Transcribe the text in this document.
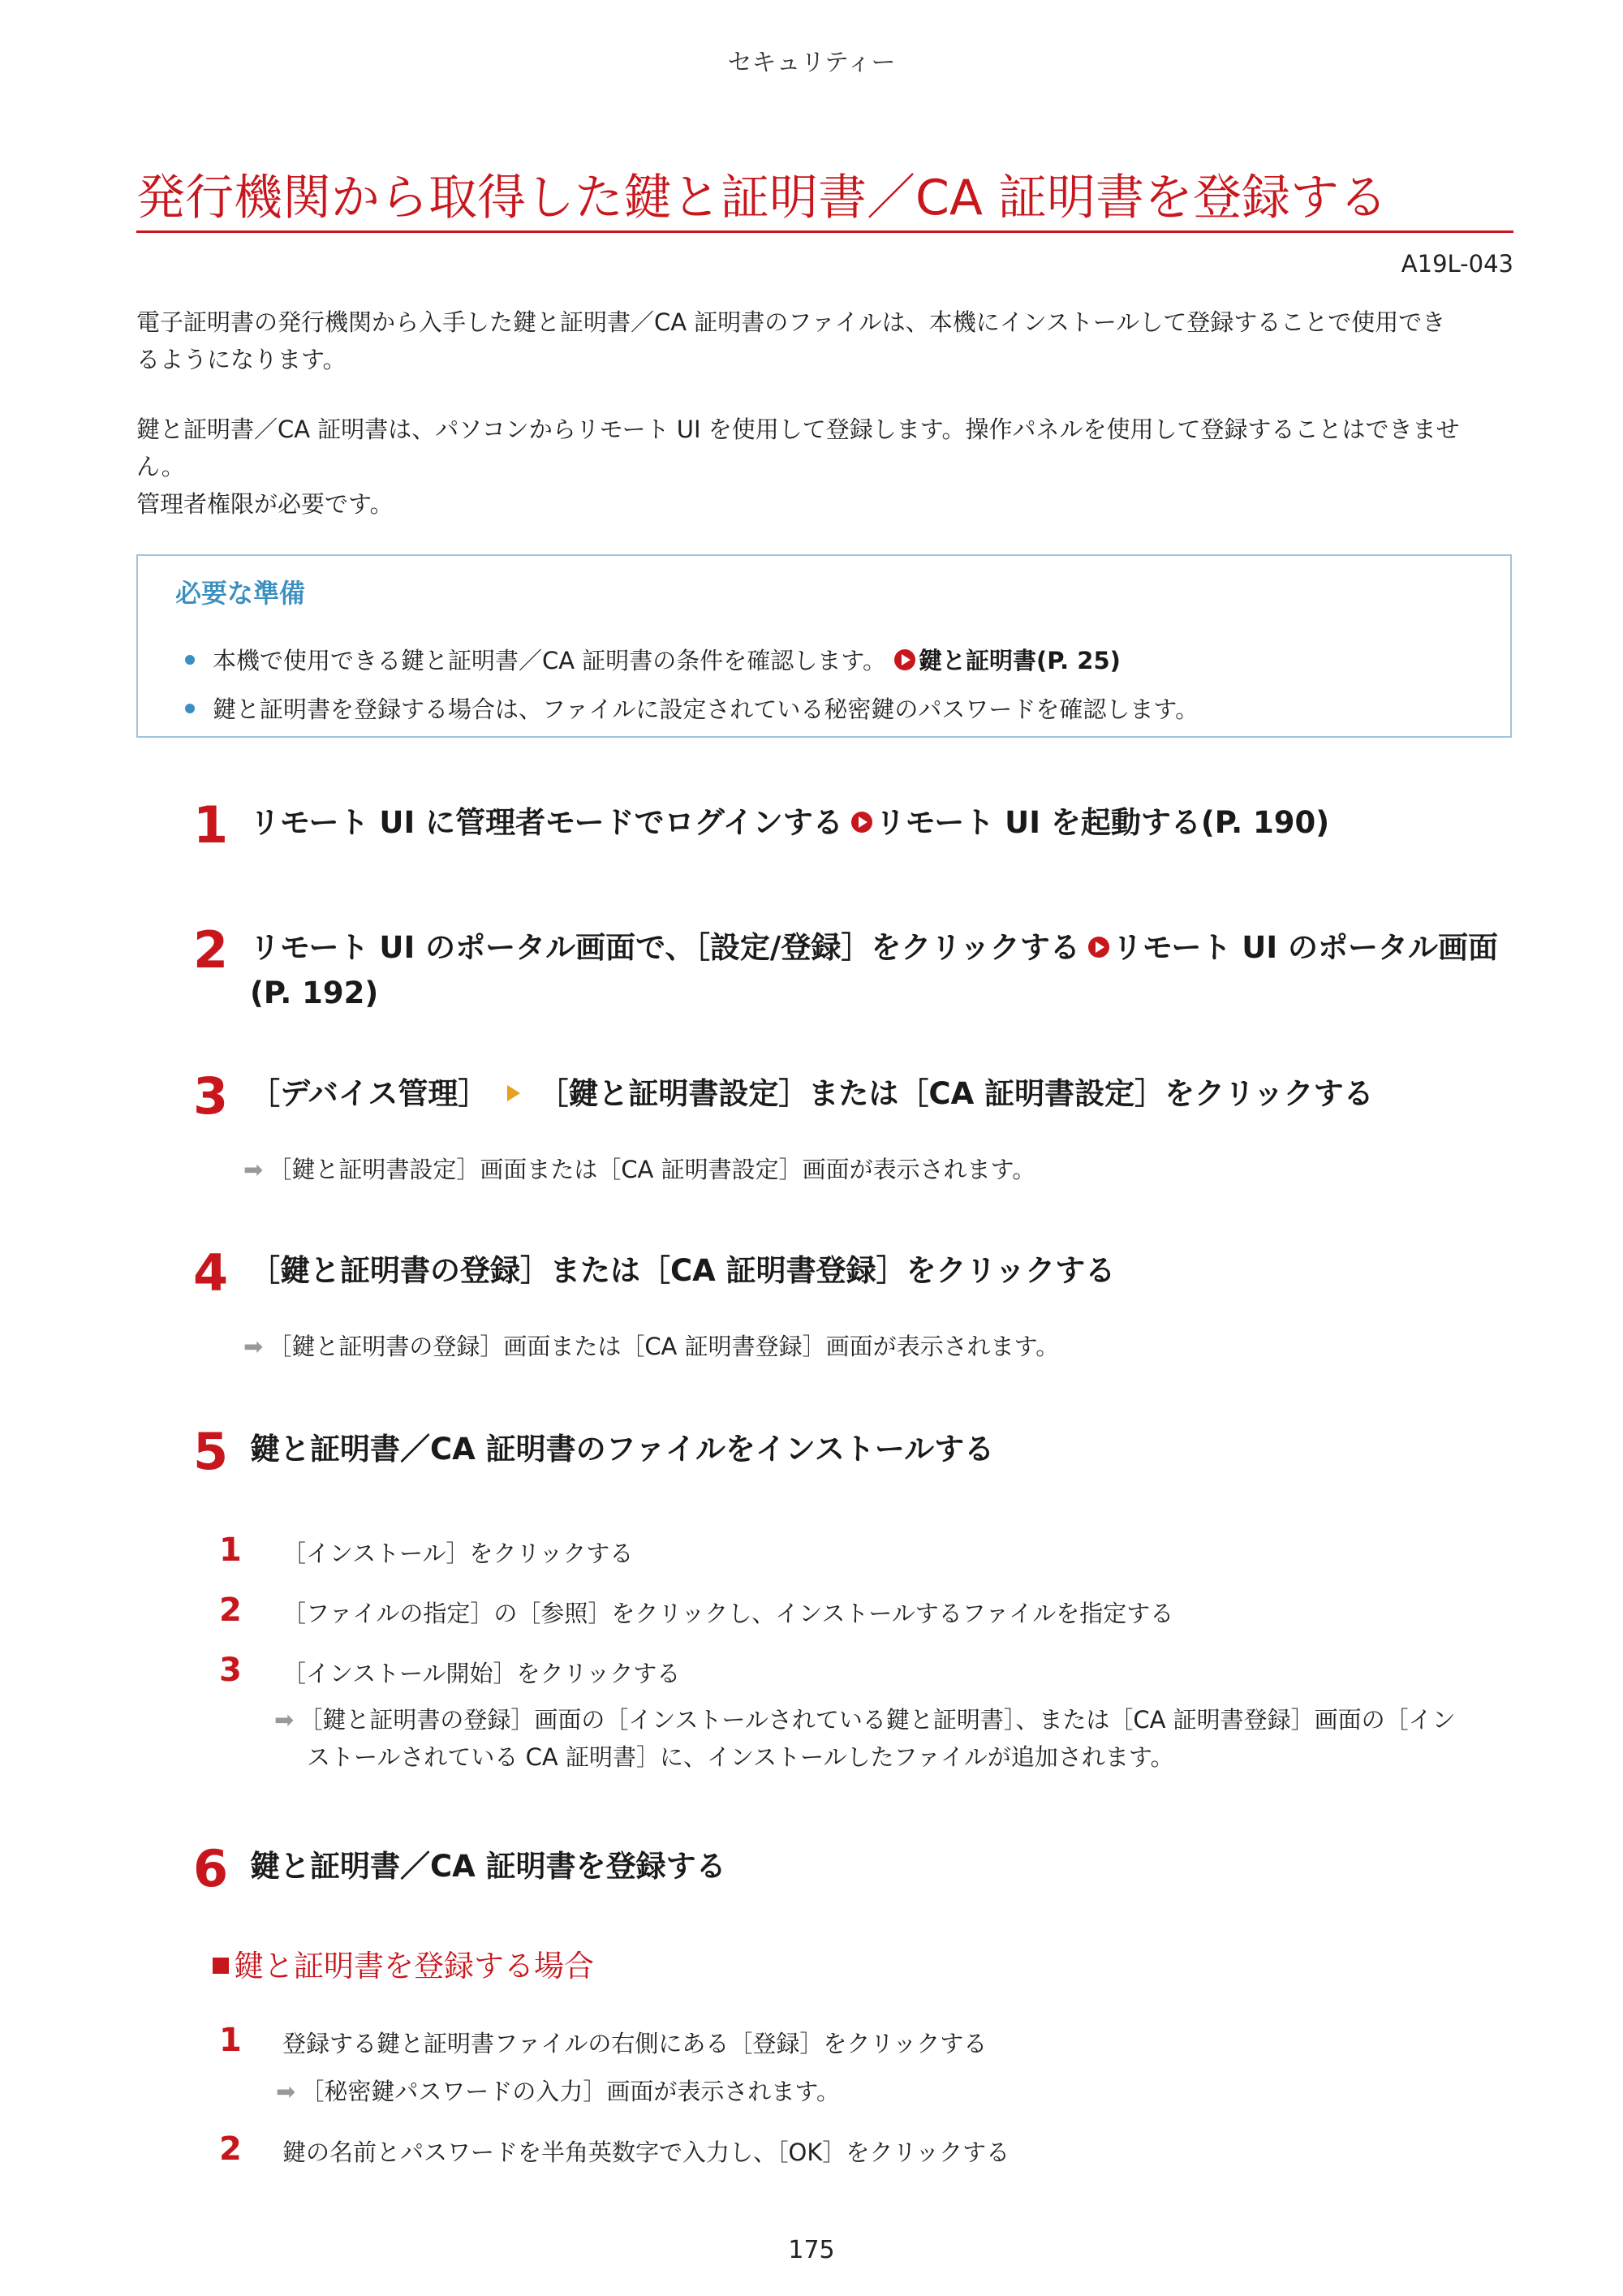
セキュリティー
発行機関から取得した鍵と証明書／CA 証明書を登録する
A19L-043
電子証明書の発行機関から入手した鍵と証明書／CA 証明書のファイルは、本機にインストールして登録することで使用でき
るようになります。
鍵と証明書／CA 証明書は、パソコンからリモート UI を使用して登録します。操作パネルを使用して登録することはできませ
ん。
管理者権限が必要です。
必要な準備
本機で使用できる鍵と証明書／CA 証明書の条件を確認します。 鍵と証明書(P. 25)
鍵と証明書を登録する場合は、ファイルに設定されている秘密鍵のパスワードを確認します。
1 リモート UI に管理者モードでログインする リモート UI を起動する(P. 190)
2 リモート UI のポータル画面で、［設定/登録］をクリックする リモート UI のポータル画面
(P. 192)
3 ［デバイス管理］ ［鍵と証明書設定］または［CA 証明書設定］をクリックする
➡ ［鍵と証明書設定］画面または［CA 証明書設定］画面が表示されます。
4 ［鍵と証明書の登録］または［CA 証明書登録］をクリックする
➡ ［鍵と証明書の登録］画面または［CA 証明書登録］画面が表示されます。
5 鍵と証明書／CA 証明書のファイルをインストールする
1 ［インストール］をクリックする
2 ［ファイルの指定］の［参照］をクリックし、インストールするファイルを指定する
3 ［インストール開始］をクリックする
➡ ［鍵と証明書の登録］画面の［インストールされている鍵と証明書］、または［CA 証明書登録］画面の［イン
ストールされている CA 証明書］に、インストールしたファイルが追加されます。
6 鍵と証明書／CA 証明書を登録する
鍵と証明書を登録する場合
1 登録する鍵と証明書ファイルの右側にある［登録］をクリックする
➡ ［秘密鍵パスワードの入力］画面が表示されます。
2 鍵の名前とパスワードを半角英数字で入力し、［OK］をクリックする
175
